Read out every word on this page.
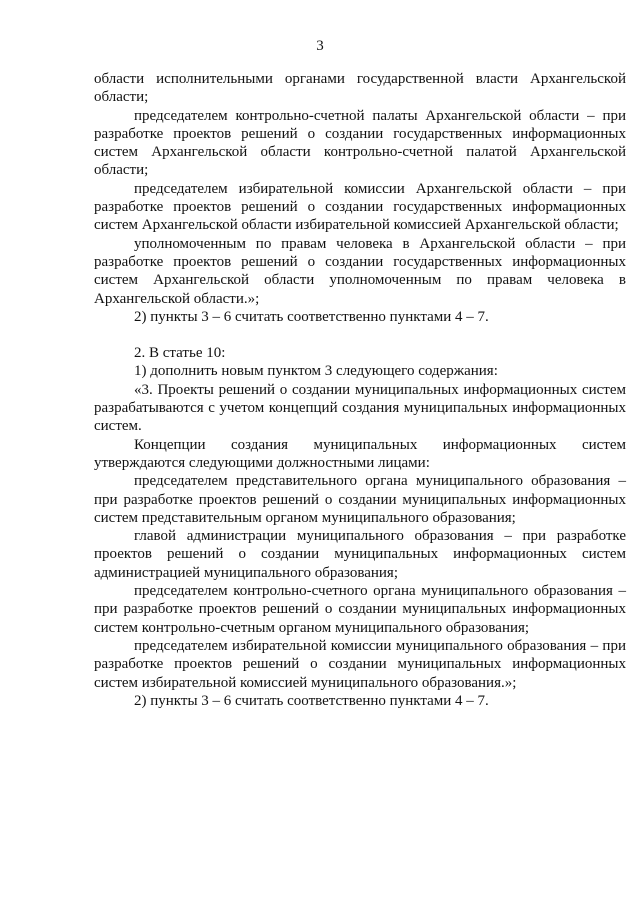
3

области исполнительными органами государственной власти Архангельской области;

председателем контрольно-счетной палаты Архангельской области – при разработке проектов решений о создании государственных информационных систем Архангельской области контрольно-счетной палатой Архангельской области;

председателем избирательной комиссии Архангельской области – при разработке проектов решений о создании государственных информационных систем Архангельской области избирательной комиссией Архангельской области;

уполномоченным по правам человека в Архангельской области – при разработке проектов решений о создании государственных информационных систем Архангельской области уполномоченным по правам человека в Архангельской области.»;

2) пункты 3 – 6 считать соответственно пунктами 4 – 7.

2. В статье 10:

1) дополнить новым пунктом 3 следующего содержания:

«3. Проекты решений о создании муниципальных информационных систем разрабатываются с учетом концепций создания муниципальных информационных систем.

Концепции создания муниципальных информационных систем утверждаются следующими должностными лицами:

председателем представительного органа муниципального образования – при разработке проектов решений о создании муниципальных информационных систем представительным органом муниципального образования;

главой администрации муниципального образования – при разработке проектов решений о создании муниципальных информационных систем администрацией муниципального образования;

председателем контрольно-счетного органа муниципального образования – при разработке проектов решений о создании муниципальных информационных систем контрольно-счетным органом муниципального образования;

председателем избирательной комиссии муниципального образования – при разработке проектов решений о создании муниципальных информационных систем избирательной комиссией муниципального образования.»;

2) пункты 3 – 6 считать соответственно пунктами 4 – 7.
